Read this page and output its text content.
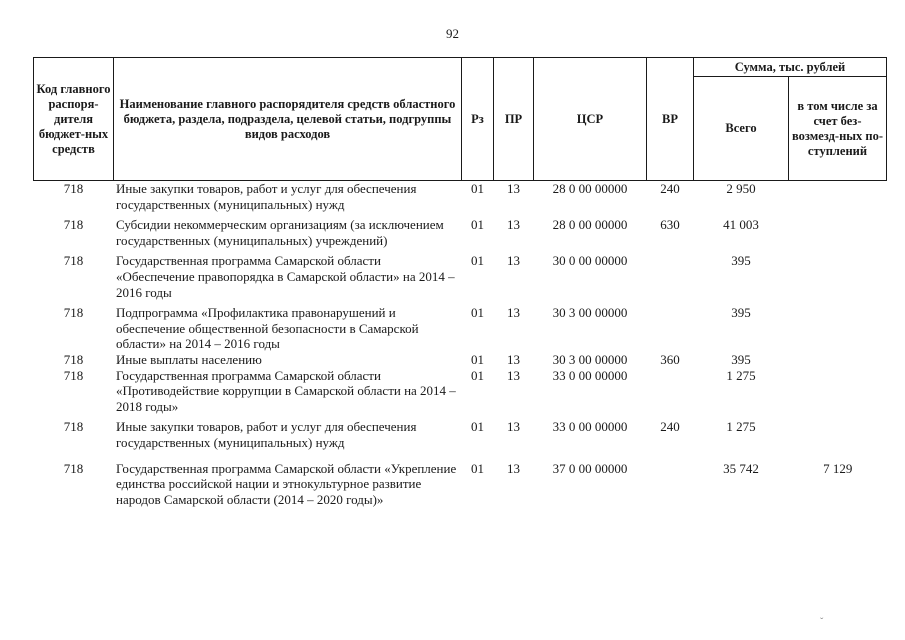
92
Код главного распоря-дителя бюджет-ных средств	Наименование главного распорядителя средств областного бюджета, раздела, подраздела, целевой статьи, подгруппы видов расходов	Рз	ПР	ЦСР	ВР	Сумма, тыс. рублей	
						Всего	в том числе за счет без-возмезд-ных по-ступлений
718	Иные закупки товаров, работ и услуг для обеспечения государственных (муниципальных) нужд	01	13	28 0 00 00000	240	2 950	
718	Субсидии некоммерческим организациям (за исключением государственных (муниципальных) учреждений)	01	13	28 0 00 00000	630	41 003	
718	Государственная программа Самарской области «Обеспечение правопорядка в Самарской области» на 2014 – 2016 годы	01	13	30 0 00 00000		395	
718	Подпрограмма «Профилактика правонарушений и обеспечение общественной безопасности в Самарской области» на 2014 – 2016 годы	01	13	30 3 00 00000		395	
718	Иные выплаты населению	01	13	30 3 00 00000	360	395	
718	Государственная программа Самарской области «Противодействие коррупции в Самарской области на 2014 – 2018 годы»	01	13	33 0 00 00000		1 275	
718	Иные закупки товаров, работ и услуг для обеспечения государственных (муниципальных) нужд	01	13	33 0 00 00000	240	1 275	
718	Государственная программа Самарской области «Укрепление единства российской нации и этнокультурное развитие народов Самарской области (2014 – 2020 годы)»	01	13	37 0 00 00000		35 742	7 129
ˇ
